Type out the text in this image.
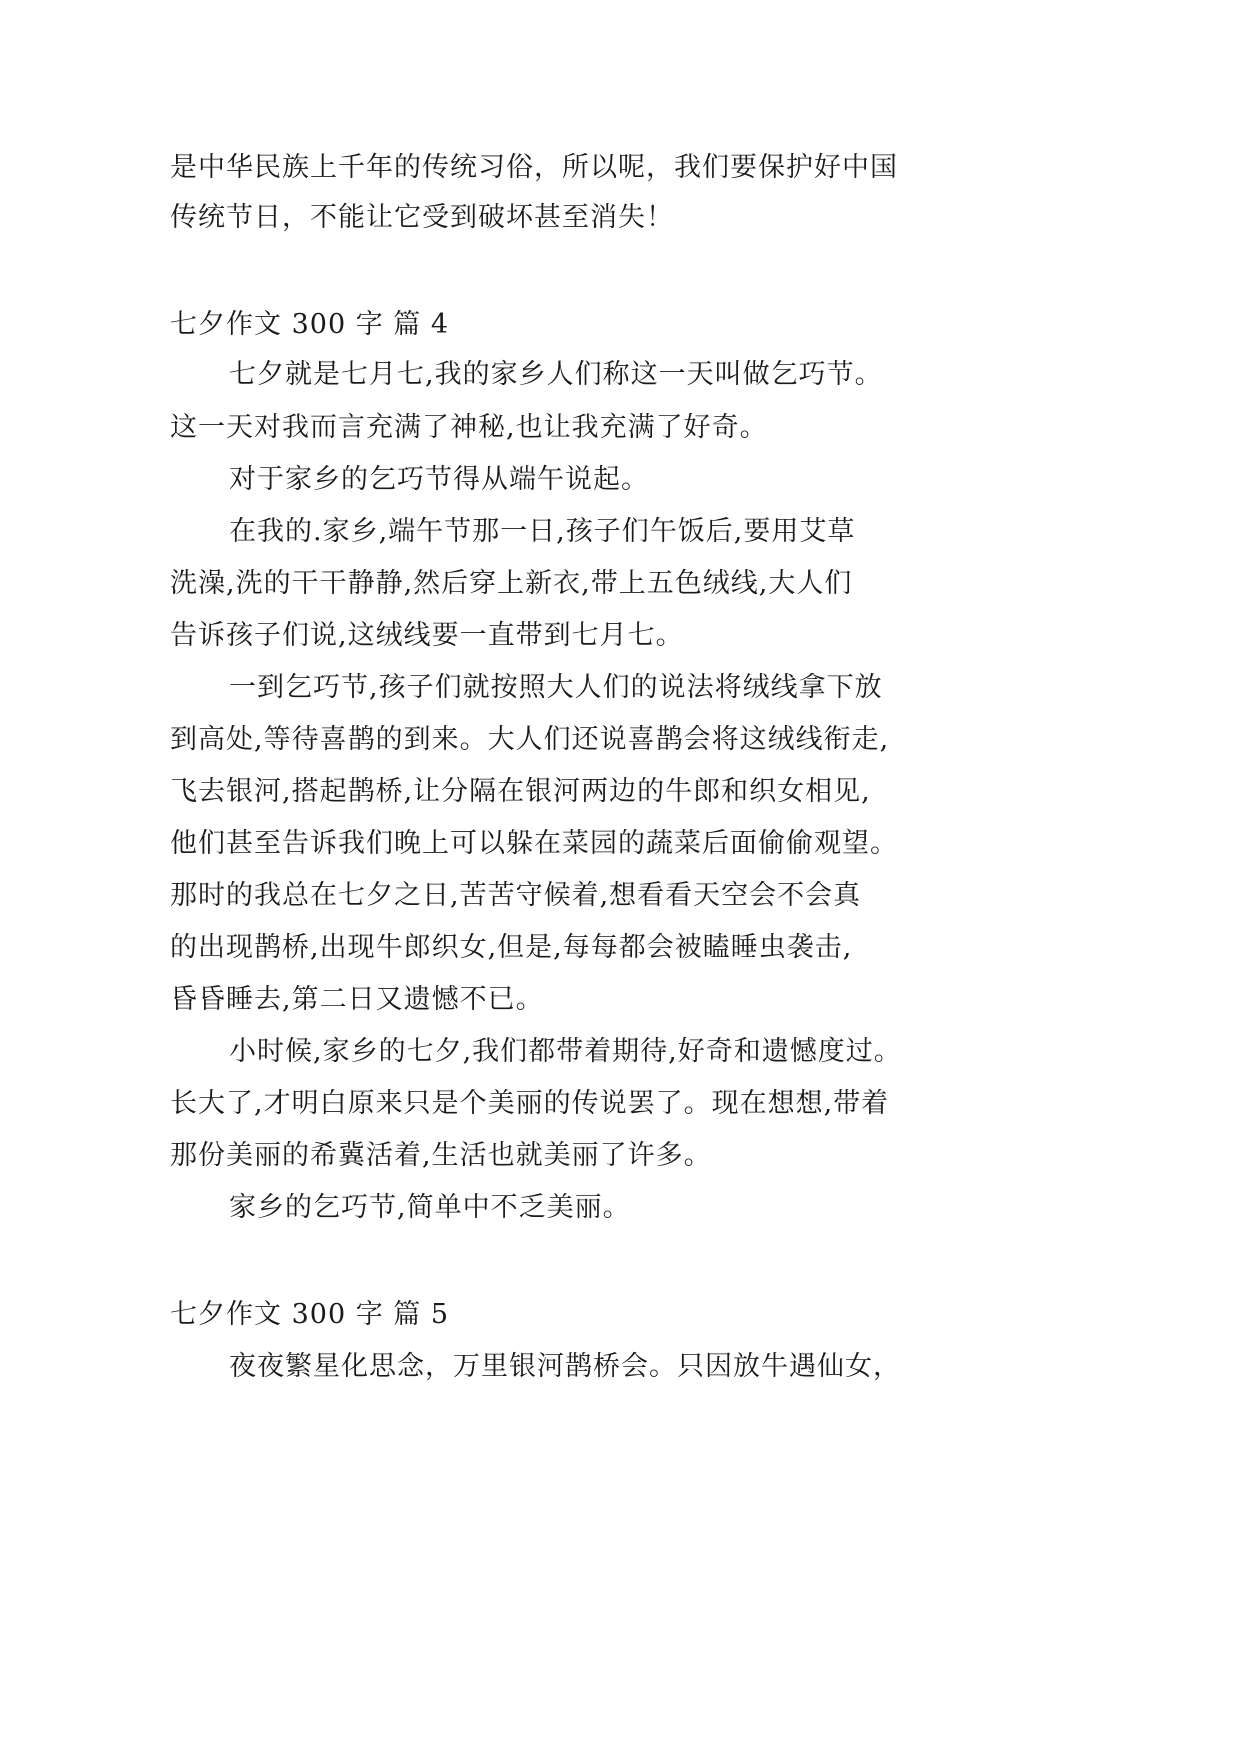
是中华民族上千年的传统习俗，所以呢，我们要保护好中国
传统节日，不能让它受到破坏甚至消失！
七夕作文 300 字 篇 4
七夕就是七月七,我的家乡人们称这一天叫做乞巧节。
这一天对我而言充满了神秘,也让我充满了好奇。
对于家乡的乞巧节得从端午说起。
在我的.家乡,端午节那一日,孩子们午饭后,要用艾草
洗澡,洗的干干静静,然后穿上新衣,带上五色绒线,大人们
告诉孩子们说,这绒线要一直带到七月七。
一到乞巧节,孩子们就按照大人们的说法将绒线拿下放
到高处,等待喜鹊的到来。大人们还说喜鹊会将这绒线衔走,
飞去银河,搭起鹊桥,让分隔在银河两边的牛郎和织女相见,
他们甚至告诉我们晚上可以躲在菜园的蔬菜后面偷偷观望。
那时的我总在七夕之日,苦苦守候着,想看看天空会不会真
的出现鹊桥,出现牛郎织女,但是,每每都会被瞌睡虫袭击,
昏昏睡去,第二日又遗憾不已。
小时候,家乡的七夕,我们都带着期待,好奇和遗憾度过。
长大了,才明白原来只是个美丽的传说罢了。现在想想,带着
那份美丽的希冀活着,生活也就美丽了许多。
家乡的乞巧节,简单中不乏美丽。
七夕作文 300 字 篇 5
夜夜繁星化思念，万里银河鹊桥会。只因放牛遇仙女，
